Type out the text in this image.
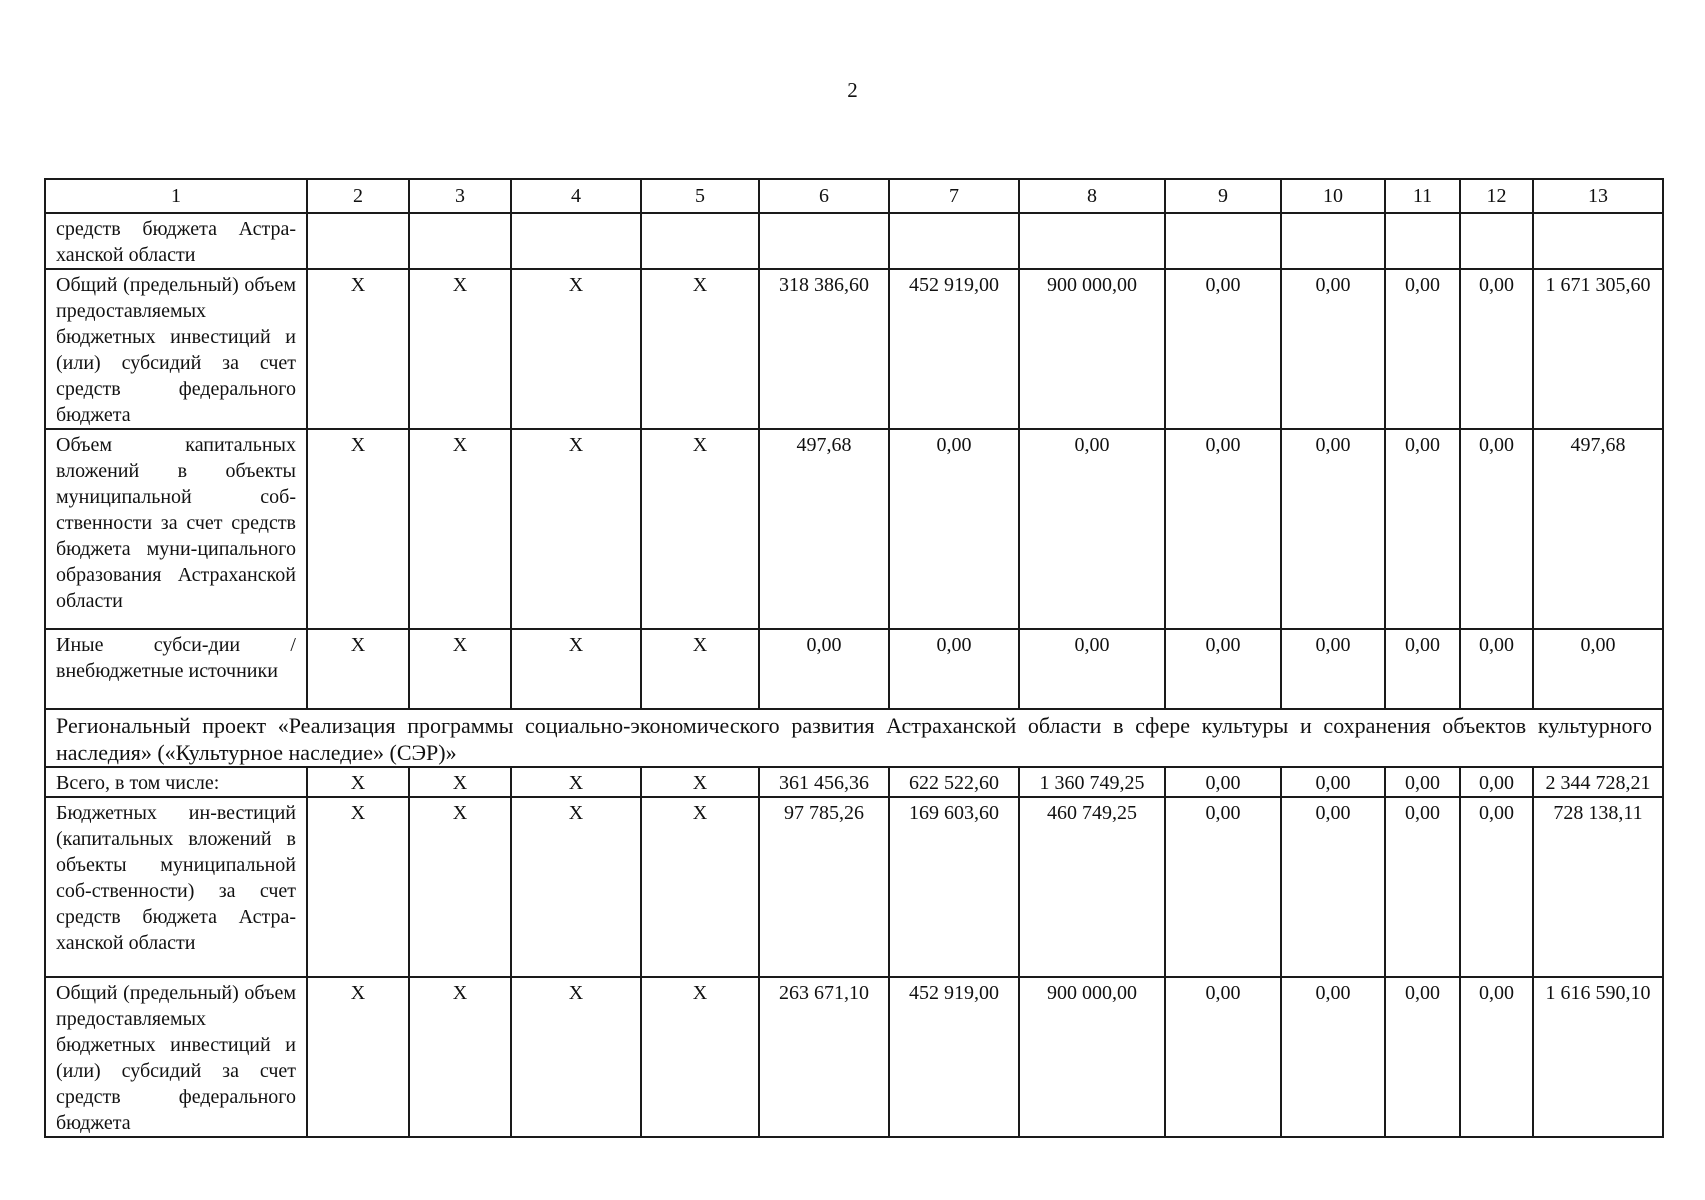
2
1	2	3	4	5	6	7	8	9	10	11	12	13
средств бюджета Астра-ханской области												
Общий (предельный) объем предоставляемых бюджетных инвестиций и (или) субсидий за счет средств федерального бюджета	X	X	X	X	318 386,60	452 919,00	900 000,00	0,00	0,00	0,00	0,00	1 671 305,60
Объем капитальных вложений в объекты муниципальной соб-ственности за счет средств бюджета муни-ципального образования Астраханской области	X	X	X	X	497,68	0,00	0,00	0,00	0,00	0,00	0,00	497,68
Иные субси-дии / внебюджетные источники	X	X	X	X	0,00	0,00	0,00	0,00	0,00	0,00	0,00	0,00
Региональный проект «Реализация программы социально-экономического развития Астраханской области в сфере культуры и сохранения объектов культурного наследия» («Культурное наследие» (СЭР)»												
Всего, в том числе:	X	X	X	X	361 456,36	622 522,60	1 360 749,25	0,00	0,00	0,00	0,00	2 344 728,21
Бюджетных ин-вестиций (капитальных вложений в объекты муниципальной соб-ственности) за счет средств бюджета Астра-ханской области	X	X	X	X	97 785,26	169 603,60	460 749,25	0,00	0,00	0,00	0,00	728 138,11
Общий (предельный) объем предоставляемых бюджетных инвестиций и (или) субсидий за счет средств федерального бюджета	X	X	X	X	263 671,10	452 919,00	900 000,00	0,00	0,00	0,00	0,00	1 616 590,10
